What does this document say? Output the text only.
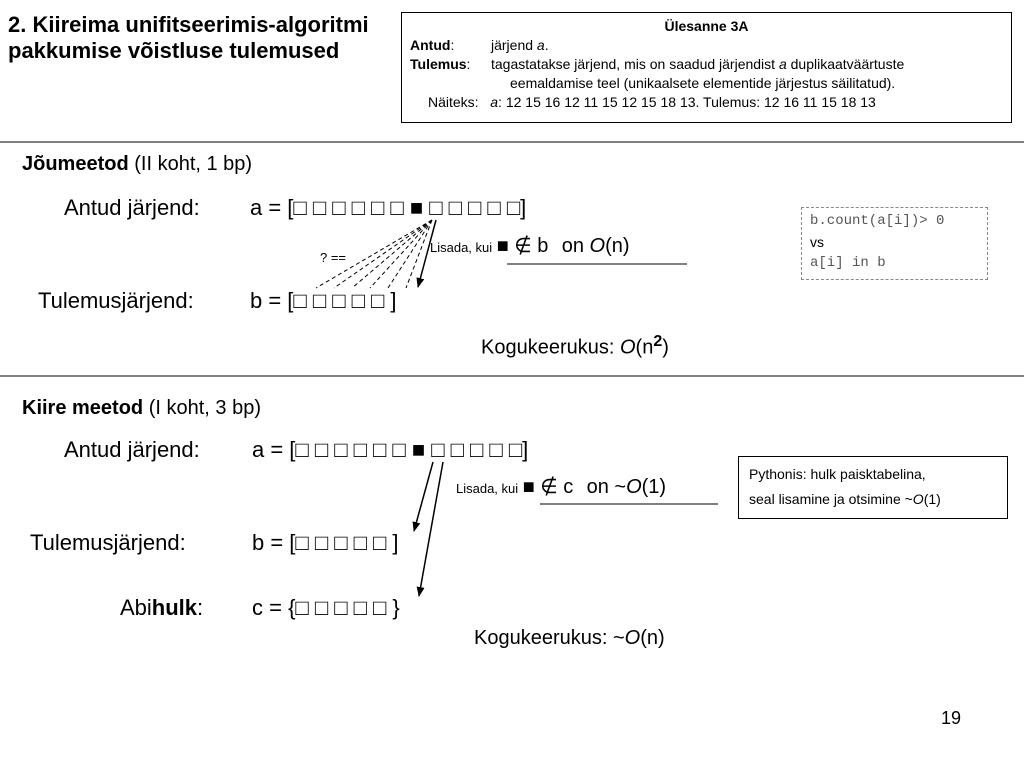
2. Kiireima unifitseerimis-algoritmi pakkumise võistluse tulemused
Ülesanne 3A
Antud:	järjend a.
Tulemus: tagastatakse järjend, mis on saadud järjendist a duplikaatväärtuste
eemaldamise teel (unikaalsete elementide järjestus säilitatud).
Näiteks: a: 12 15 16 12 11 15 12 15 18 13. Tulemus: 12 16 11 15 18 13
Jõumeetod (II koht, 1 bp)
Antud järjend: a = [□ □ □ □ □ □ ■ □ □ □ □ □]
? ==
Lisada, kui ■ ∉ b on O(n)
Tulemusjärjend:	b = [□ □ □ □ □ ]
Kogukeerukus: $O(n^2)$
b.count(a[i])> 0
vs
a[i] in b
Kiire meetod (I koht, 3 bp)
Antud järjend: a = [□ □ □ □ □ □ ■ □ □ □ □ □]
Lisada, kui ■ ∉ c on ~O(1)
Pythonis: hulk paisktabelina,
seal lisamine ja otsimine ~O(1)
Tulemusjärjend:	b = [□ □ □ □ □ ]
Abihulk: c = {□ □ □ □ □ }
Kogukeerukus: ~O(n)
19
